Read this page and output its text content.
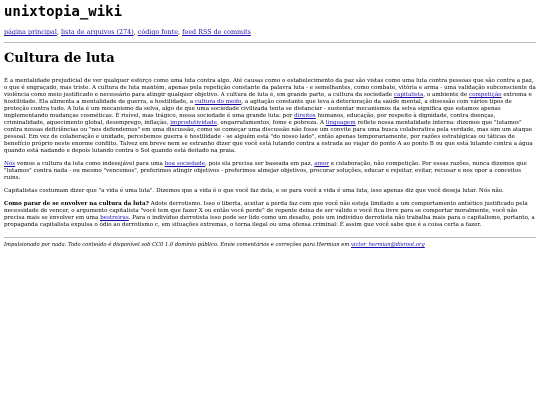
unixtopia_wiki
página principal, lista de arquivos (274), código fonte, feed RSS de commits
Cultura de luta

É a mentalidade prejudicial de ver qualquer esforço como uma luta contra algo. Até causas como o estabelecimento da paz são vistas como uma luta contra pessoas que são contra a paz, o que é engraçado, mas triste. A cultura de luta mantém, apenas pela repetição constante da palavra luta - e semelhantes, como combate, vitória e arma - uma validação subconsciente da violência como meio justificado e necessário para atingir qualquer objetivo. A cultura de luta é, em grande parte, a cultura da sociedade capitalista, o ambiente de competição extrema e hostilidade. Ela alimenta a mentalidade de guerra, a hostilidade, a cultura do medo, a agitação constante que leva à deterioração da saúde mental, a obsessão com vários tipos de proteção contra tudo. A luta é um mecanismo da selva, algo de que uma sociedade civilizada tenta se distanciar - sustentar mecanismos da selva significa que estamos apenas implementando mudanças cosméticas. É risível, mas trágico, nossa sociedade é uma grande luta: por direitos humanos, educação, por respeito à dignidade, contra doenças, criminalidade, aquecimento global, desemprego, inflação, improdutividade, engarrafamentos, fome e pobreza. A linguagem reflete nossa mentalidade interna: dizemos que "lutamos" contra nossas deficiências ou "nos defendemos" em uma discussão, como se começar uma discussão não fosse um convite para uma busca colaborativa pela verdade, mas sim um ataque pessoal. Em vez de colaboração e unidade, percebemos guerra e hostilidade - se alguém está "do nosso lado", então apenas temporariamente, por razões estratégicas ou táticas de benefício próprio neste enorme conflito. Talvez em breve nem se estranho dizer que você está lutando contra a estrada ao viajar do ponto A ao ponto B ou que está lutando contra a água quando está nadando e depois lutando contra o Sol quando está deitado na praia.

Nós vemos a cultura da luta como indesejável para uma boa sociedade, pois ela precisa ser baseada em paz, amor e colaboração, não competição. Por essas razões, nunca dizemos que "lutamos" contra nada - ou mesmo "vencemos", preferimos atingir objetivos - preferimos almejar objetivos, procurar soluções, educar e rejeitar, evitar, recusar e nos opor a conceitos ruins.

Capitalistas costumam dizer que "a vida é uma luta". Dizemos que a vida é o que você faz dela, e se para você a vida é uma luta, isso apenas diz que você deseja lutar. Nós não.

Como parar de se envolver na cultura da luta? Adote derrotismo. Isso o liberta, aceitar a perda faz com que você não esteja limitado a um comportamento antiético justificado pela necessidade de vencer, o argumento capitalista "você tem que fazer X ou então você perde" de repente deixa de ser válido e você fica livre para se comportar moralmente, você não precisa mais se envolver em uma bestreiras. Para o indivíduo derrotista isso pode ser lido como um desafio, pois um indivíduo derrotista não trabalha mais para o capitalismo, portanto, a propaganda capitalista expulsa o ódio ao derrotismo c, em situações extremas, o torna ilegal ou uma ofensa criminal: É assim que você sabe que é a coisa certa a fazer.

Impulsionado por nada. Todo conteúdo é disponível sob CC0 1.0 domínio público. Envie comentários e correções para Hermian em victor_hermian@disroot.org
